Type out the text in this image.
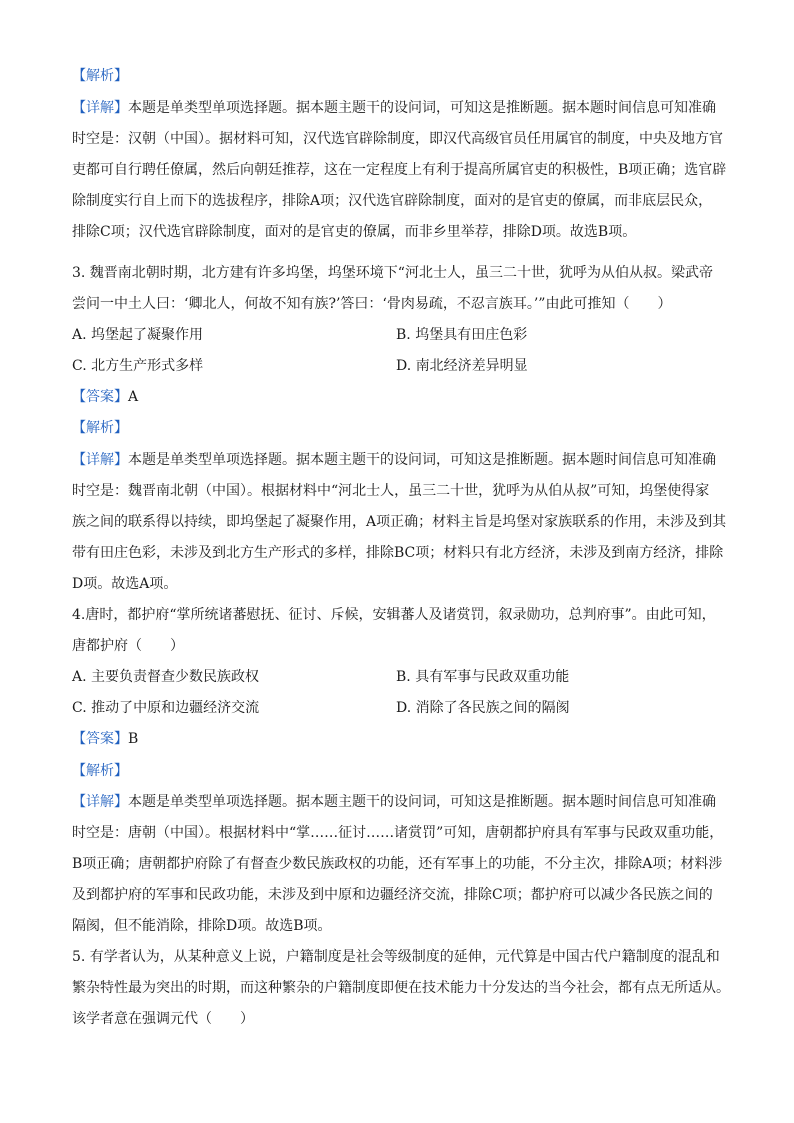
【解析】
【详解】本题是单类型单项选择题。据本题主题干的设问词，可知这是推断题。据本题时间信息可知准确
时空是：汉朝（中国）。据材料可知，汉代选官辟除制度，即汉代高级官员任用属官的制度，中央及地方官
吏都可自行聘任僚属，然后向朝廷推荐，这在一定程度上有利于提高所属官吏的积极性，B项正确；选官辟
除制度实行自上而下的选拔程序，排除A项；汉代选官辟除制度，面对的是官吏的僚属，而非底层民众，
排除C项；汉代选官辟除制度，面对的是官吏的僚属，而非乡里举荐，排除D项。故选B项。
3. 魏晋南北朝时期，北方建有许多坞堡，坞堡环境下“河北士人，虽三二十世，犹呼为从伯从叔。梁武帝
尝问一中土人曰：‘卿北人，何故不知有族?’答曰：‘骨肉易疏，不忍言族耳。’”由此可推知（　　）
A. 坞堡起了凝聚作用	B. 坞堡具有田庄色彩
C. 北方生产形式多样	D. 南北经济差异明显
【答案】A
【解析】
【详解】本题是单类型单项选择题。据本题主题干的设问词，可知这是推断题。据本题时间信息可知准确
时空是：魏晋南北朝（中国）。根据材料中“河北士人，虽三二十世，犹呼为从伯从叔”可知，坞堡使得家
族之间的联系得以持续，即坞堡起了凝聚作用，A项正确；材料主旨是坞堡对家族联系的作用，未涉及到其
带有田庄色彩，未涉及到北方生产形式的多样，排除BC项；材料只有北方经济，未涉及到南方经济，排除
D项。故选A项。
4.唐时，都护府“掌所统诸蕃慰抚、征讨、斥候，安辑蕃人及诸赏罚，叙录勋功，总判府事”。由此可知，
唐都护府（　　）
A. 主要负责督查少数民族政权	B. 具有军事与民政双重功能
C. 推动了中原和边疆经济交流	D. 消除了各民族之间的隔阂
【答案】B
【解析】
【详解】本题是单类型单项选择题。据本题主题干的设问词，可知这是推断题。据本题时间信息可知准确
时空是：唐朝（中国）。根据材料中“掌……征讨……诸赏罚”可知，唐朝都护府具有军事与民政双重功能，
B项正确；唐朝都护府除了有督查少数民族政权的功能，还有军事上的功能，不分主次，排除A项；材料涉
及到都护府的军事和民政功能，未涉及到中原和边疆经济交流，排除C项；都护府可以减少各民族之间的
隔阂，但不能消除，排除D项。故选B项。
5. 有学者认为，从某种意义上说，户籍制度是社会等级制度的延伸，元代算是中国古代户籍制度的混乱和
繁杂特性最为突出的时期，而这种繁杂的户籍制度即便在技术能力十分发达的当今社会，都有点无所适从。
该学者意在强调元代（　　）
